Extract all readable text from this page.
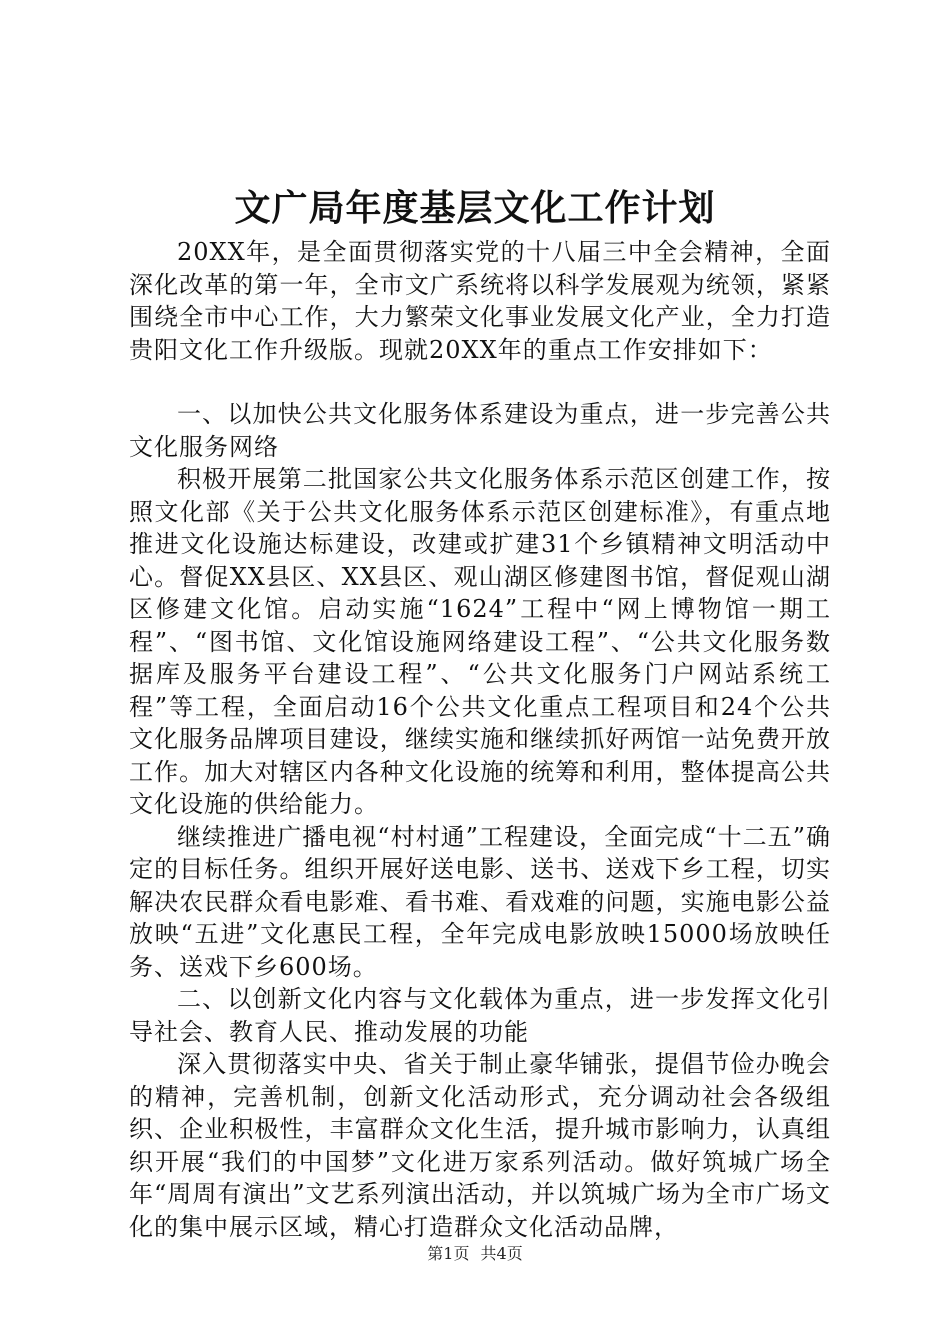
文广局年度基层文化工作计划

20XX年，是全面贯彻落实党的十八届三中全会精神，全面深化改革的第一年，全市文广系统将以科学发展观为统领，紧紧围绕全市中心工作，大力繁荣文化事业发展文化产业，全力打造贵阳文化工作升级版。现就20XX年的重点工作安排如下：

一、以加快公共文化服务体系建设为重点，进一步完善公共文化服务网络

积极开展第二批国家公共文化服务体系示范区创建工作，按照文化部《关于公共文化服务体系示范区创建标准》，有重点地推进文化设施达标建设，改建或扩建31个乡镇精神文明活动中心。督促XX县区、XX县区、观山湖区修建图书馆，督促观山湖区修建文化馆。启动实施“1624”工程中“网上博物馆一期工程”、“图书馆、文化馆设施网络建设工程”、“公共文化服务数据库及服务平台建设工程”、“公共文化服务门户网站系统工程”等工程，全面启动16个公共文化重点工程项目和24个公共文化服务品牌项目建设，继续实施和继续抓好两馆一站免费开放工作。加大对辖区内各种文化设施的统筹和利用，整体提高公共文化设施的供给能力。

继续推进广播电视“村村通”工程建设，全面完成“十二五”确定的目标任务。组织开展好送电影、送书、送戏下乡工程，切实解决农民群众看电影难、看书难、看戏难的问题，实施电影公益放映“五进”文化惠民工程，全年完成电影放映15000场放映任务、送戏下乡600场。

二、以创新文化内容与文化载体为重点，进一步发挥文化引导社会、教育人民、推动发展的功能

深入贯彻落实中央、省关于制止豪华铺张，提倡节俭办晚会的精神，完善机制，创新文化活动形式，充分调动社会各级组织、企业积极性，丰富群众文化生活，提升城市影响力，认真组织开展“我们的中国梦”文化进万家系列活动。做好筑城广场全年“周周有演出”文艺系列演出活动，并以筑城广场为全市广场文化的集中展示区域，精心打造群众文化活动品牌，

第1页 共4页
